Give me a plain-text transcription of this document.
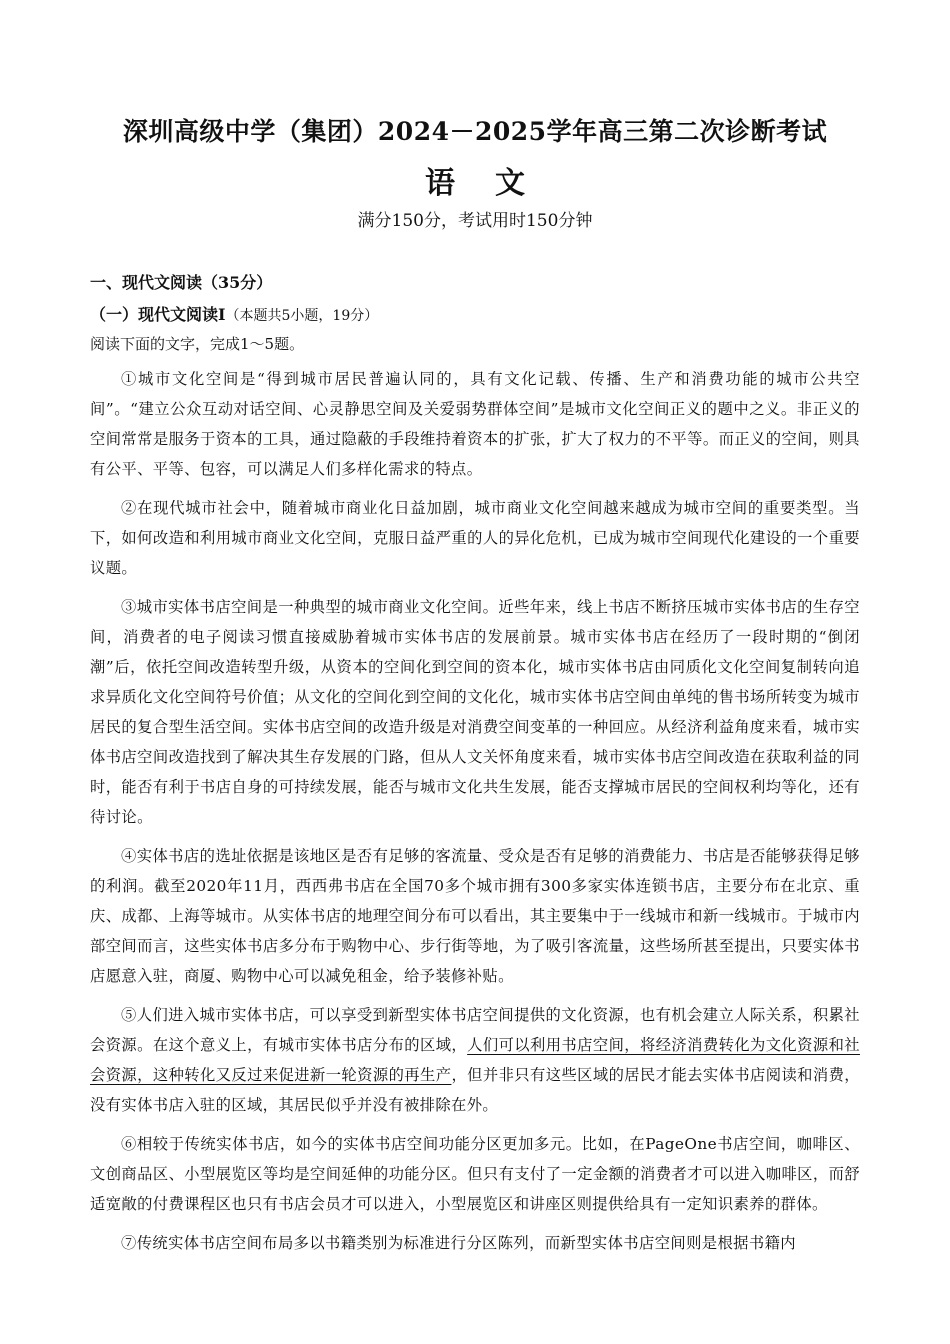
深圳高级中学（集团）2024－2025学年高三第二次诊断考试
语文
满分150分，考试用时150分钟
一、现代文阅读（35分）
（一）现代文阅读Ⅰ（本题共5小题，19分）
阅读下面的文字，完成1～5题。

①城市文化空间是“得到城市居民普遍认同的，具有文化记载、传播、生产和消费功能的城市公共空间”。“建立公众互动对话空间、心灵静思空间及关爱弱势群体空间”是城市文化空间正义的题中之义。非正义的空间常常是服务于资本的工具，通过隐蔽的手段维持着资本的扩张，扩大了权力的不平等。而正义的空间，则具有公平、平等、包容，可以满足人们多样化需求的特点。

②在现代城市社会中，随着城市商业化日益加剧，城市商业文化空间越来越成为城市空间的重要类型。当下，如何改造和利用城市商业文化空间，克服日益严重的人的异化危机，已成为城市空间现代化建设的一个重要议题。

③城市实体书店空间是一种典型的城市商业文化空间。近些年来，线上书店不断挤压城市实体书店的生存空间，消费者的电子阅读习惯直接威胁着城市实体书店的发展前景。城市实体书店在经历了一段时期的“倒闭潮”后，依托空间改造转型升级，从资本的空间化到空间的资本化，城市实体书店由同质化文化空间复制转向追求异质化文化空间符号价值；从文化的空间化到空间的文化化，城市实体书店空间由单纯的售书场所转变为城市居民的复合型生活空间。实体书店空间的改造升级是对消费空间变革的一种回应。从经济利益角度来看，城市实体书店空间改造找到了解决其生存发展的门路，但从人文关怀角度来看，城市实体书店空间改造在获取利益的同时，能否有利于书店自身的可持续发展，能否与城市文化共生发展，能否支撑城市居民的空间权利均等化，还有待讨论。

④实体书店的选址依据是该地区是否有足够的客流量、受众是否有足够的消费能力、书店是否能够获得足够的利润。截至2020年11月，西西弗书店在全国70多个城市拥有300多家实体连锁书店，主要分布在北京、重庆、成都、上海等城市。从实体书店的地理空间分布可以看出，其主要集中于一线城市和新一线城市。于城市内部空间而言，这些实体书店多分布于购物中心、步行街等地，为了吸引客流量，这些场所甚至提出，只要实体书店愿意入驻，商厦、购物中心可以减免租金，给予装修补贴。

⑤人们进入城市实体书店，可以享受到新型实体书店空间提供的文化资源，也有机会建立人际关系，积累社会资源。在这个意义上，有城市实体书店分布的区域，人们可以利用书店空间，将经济消费转化为文化资源和社会资源，这种转化又反过来促进新一轮资源的再生产，但并非只有这些区域的居民才能去实体书店阅读和消费，没有实体书店入驻的区域，其居民似乎并没有被排除在外。

⑥相较于传统实体书店，如今的实体书店空间功能分区更加多元。比如，在PageOne书店空间，咖啡区、文创商品区、小型展览区等均是空间延伸的功能分区。但只有支付了一定金额的消费者才可以进入咖啡区，而舒适宽敞的付费课程区也只有书店会员才可以进入，小型展览区和讲座区则提供给具有一定知识素养的群体。

⑦传统实体书店空间布局多以书籍类别为标准进行分区陈列，而新型实体书店空间则是根据书籍内
